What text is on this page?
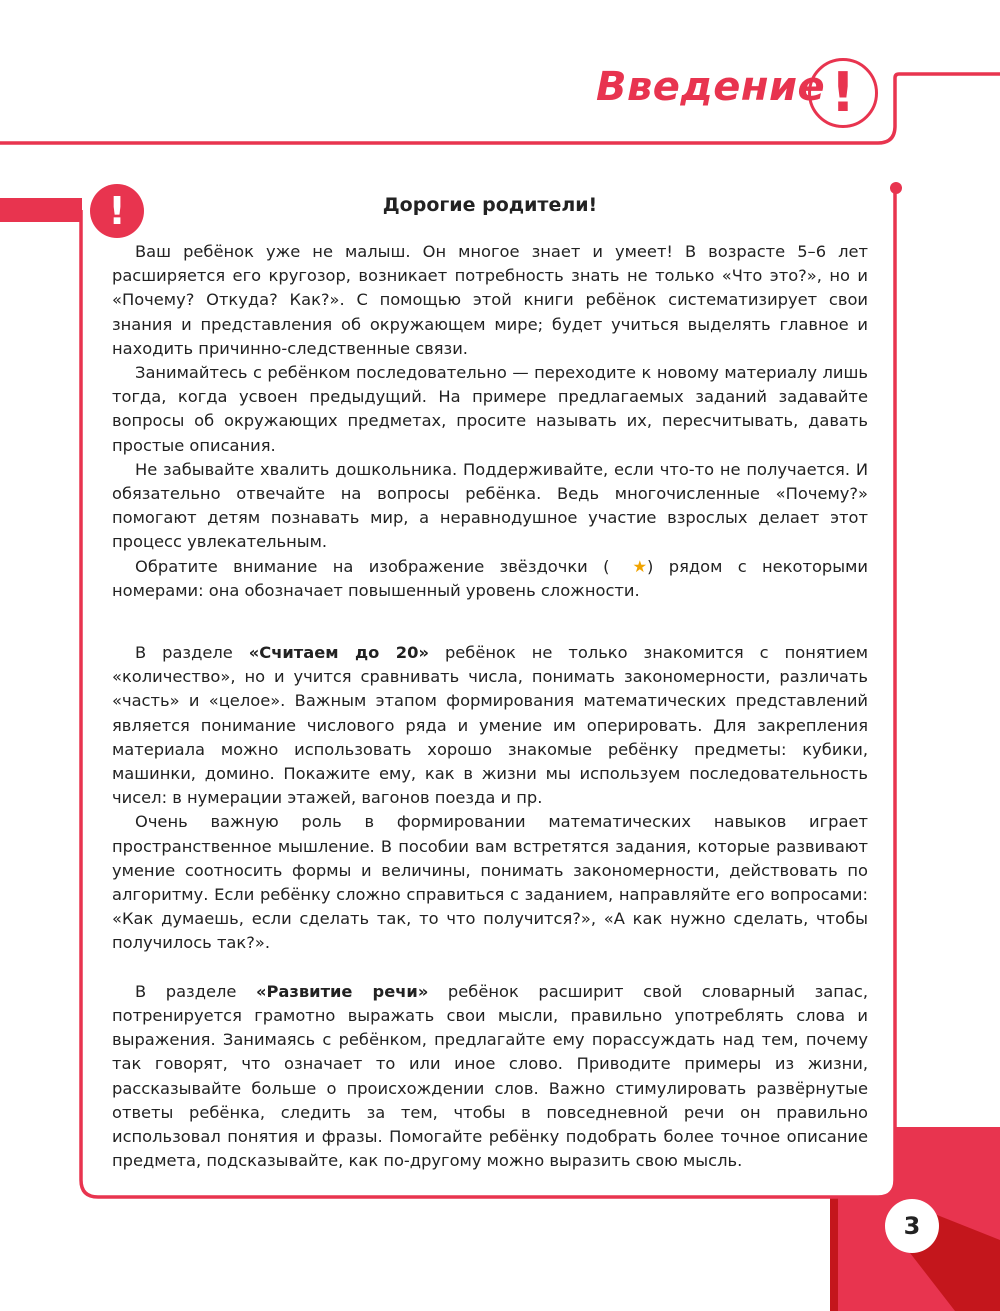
Введение !
!	Дорогие родители!

Ваш ребёнок уже не малыш. Он многое знает и умеет! В возрасте 5–6 лет расширяется его кругозор, возникает потребность знать не только «Что это?», но и «Почему? Откуда? Как?». С помощью этой книги ребёнок систематизирует свои знания и представления об окружающем мире; будет учиться выделять главное и находить причинно-следственные связи.

Занимайтесь с ребёнком последовательно — переходите к новому материалу лишь тогда, когда усвоен предыдущий. На примере предлагаемых заданий задавайте вопросы об окружающих предметах, просите называть их, пересчитывать, давать простые описания.

Не забывайте хвалить дошкольника. Поддерживайте, если что-то не получается. И обязательно отвечайте на вопросы ребёнка. Ведь многочисленные «Почему?» помогают детям познавать мир, а неравнодушное участие взрослых делает этот процесс увлекательным.

Обратите внимание на изображение звёздочки ( ★) рядом с некоторыми номерами: она обозначает повышенный уровень сложности.

В разделе «Считаем до 20» ребёнок не только знакомится с понятием «количество», но и учится сравнивать числа, понимать закономерности, различать «часть» и «целое». Важным этапом формирования математических представлений является понимание числового ряда и умение им оперировать. Для закрепления материала можно использовать хорошо знакомые ребёнку предметы: кубики, машинки, домино. Покажите ему, как в жизни мы используем последовательность чисел: в нумерации этажей, вагонов поезда и пр.

Очень важную роль в формировании математических навыков играет пространственное мышление. В пособии вам встретятся задания, которые развивают умение соотносить формы и величины, понимать закономерности, действовать по алгоритму. Если ребёнку сложно справиться с заданием, направляйте его вопросами: «Как думаешь, если сделать так, то что получится?», «А как нужно сделать, чтобы получилось так?».

В разделе «Развитие речи» ребёнок расширит свой словарный запас, потренируется грамотно выражать свои мысли, правильно употреблять слова и выражения. Занимаясь с ребёнком, предлагайте ему порассуждать над тем, почему так говорят, что означает то или иное слово. Приводите примеры из жизни, рассказывайте больше о происхождении слов. Важно стимулировать развёрнутые ответы ребёнка, следить за тем, чтобы в повседневной речи он правильно использовал понятия и фразы. Помогайте ребёнку подобрать более точное описание предмета, подсказывайте, как по-другому можно выразить свою мысль.

3
